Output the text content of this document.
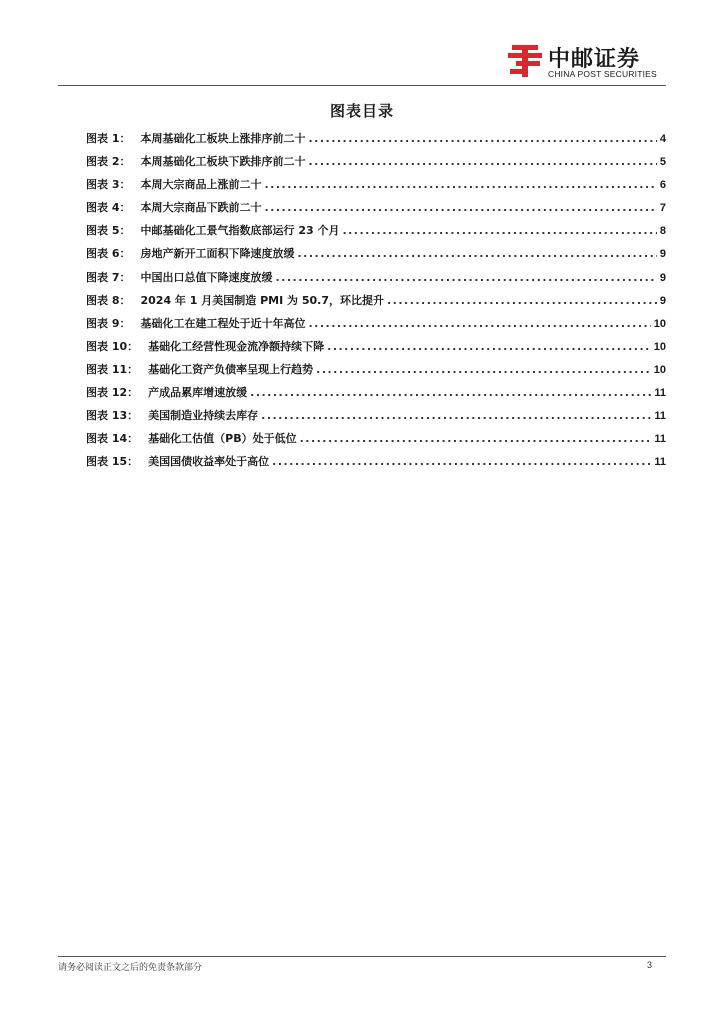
中邮证券
CHINA POST SECURITIES
图表目录
图表 1： 本周基础化工板块上涨排序前二十 .....	4
图表 2： 本周基础化工板块下跌排序前二十 .....	5
图表 3： 本周大宗商品上涨前二十 .....	6
图表 4： 本周大宗商品下跌前二十 .....	7
图表 5： 中邮基础化工景气指数底部运行 23 个月 .....	8
图表 6： 房地产新开工面积下降速度放缓 .....	9
图表 7： 中国出口总值下降速度放缓 .....	9
图表 8： 2024 年 1 月美国制造 PMI 为 50.7，环比提升 .....	9
图表 9： 基础化工在建工程处于近十年高位 .....	10
图表 10： 基础化工经营性现金流净额持续下降 .....	10
图表 11： 基础化工资产负债率呈现上行趋势 .....	10
图表 12： 产成品累库增速放缓 .....	11
图表 13： 美国制造业持续去库存 .....	11
图表 14： 基础化工估值（PB）处于低位 .....	11
图表 15： 美国国债收益率处于高位 .....	11
请务必阅读正文之后的免责条款部分	3
